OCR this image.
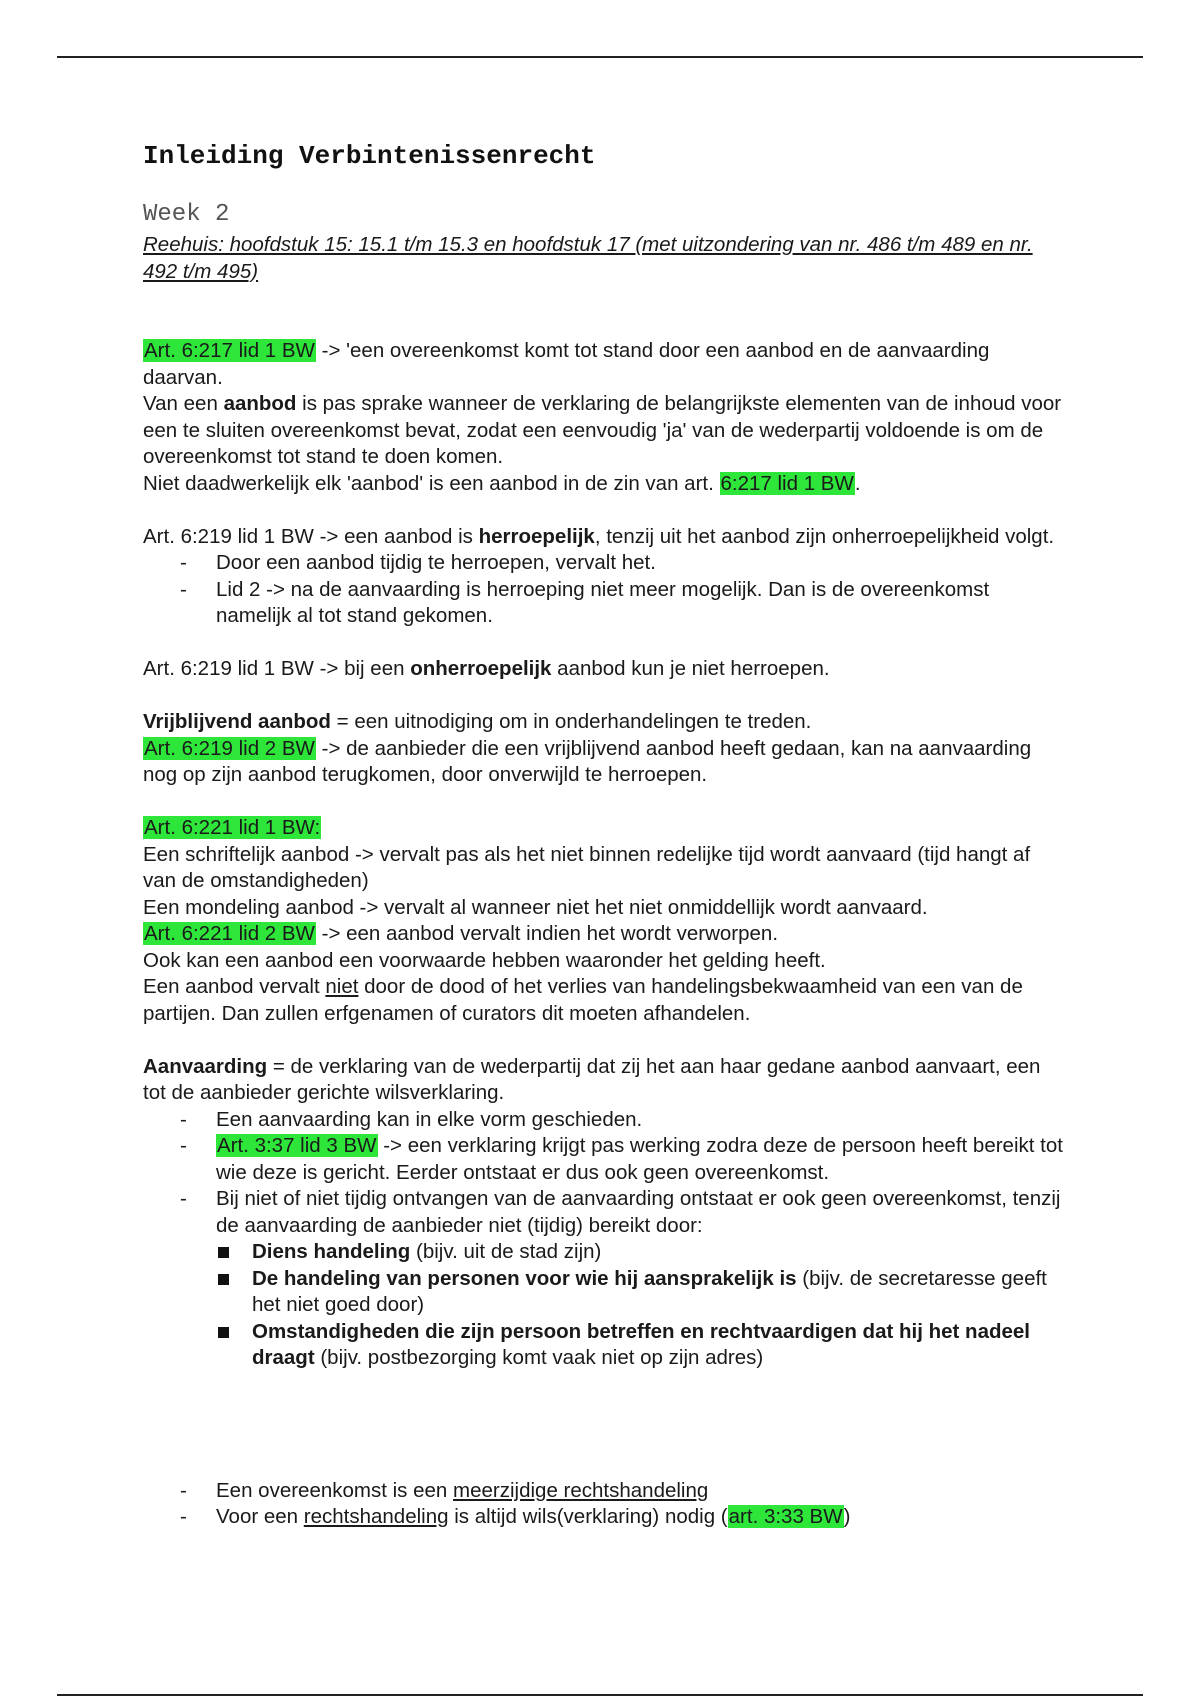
Inleiding Verbintenissenrecht

Week 2

Reehuis: hoofdstuk 15: 15.1 t/m 15.3 en hoofdstuk 17 (met uitzondering van nr. 486 t/m 489 en nr. 492 t/m 495)

Art. 6:217 lid 1 BW -> 'een overeenkomst komt tot stand door een aanbod en de aanvaarding daarvan.

Van een aanbod is pas sprake wanneer de verklaring de belangrijkste elementen van de inhoud voor een te sluiten overeenkomst bevat, zodat een eenvoudig 'ja' van de wederpartij voldoende is om de overeenkomst tot stand te doen komen.

Niet daadwerkelijk elk 'aanbod' is een aanbod in de zin van art. 6:217 lid 1 BW.

Art. 6:219 lid 1 BW -> een aanbod is herroepelijk, tenzij uit het aanbod zijn onherroepelijkheid volgt.

- Door een aanbod tijdig te herroepen, vervalt het.
- Lid 2 -> na de aanvaarding is herroeping niet meer mogelijk. Dan is de overeenkomst namelijk al tot stand gekomen.

Art. 6:219 lid 1 BW -> bij een onherroepelijk aanbod kun je niet herroepen.

Vrijblijvend aanbod = een uitnodiging om in onderhandelingen te treden.

Art. 6:219 lid 2 BW -> de aanbieder die een vrijblijvend aanbod heeft gedaan, kan na aanvaarding nog op zijn aanbod terugkomen, door onverwijld te herroepen.

Art. 6:221 lid 1 BW:

Een schriftelijk aanbod -> vervalt pas als het niet binnen redelijke tijd wordt aanvaard (tijd hangt af van de omstandigheden)

Een mondeling aanbod -> vervalt al wanneer niet het niet onmiddellijk wordt aanvaard.

Art. 6:221 lid 2 BW -> een aanbod vervalt indien het wordt verworpen.

Ook kan een aanbod een voorwaarde hebben waaronder het gelding heeft.

Een aanbod vervalt niet door de dood of het verlies van handelingsbekwaamheid van een van de partijen. Dan zullen erfgenamen of curators dit moeten afhandelen.

Aanvaarding = de verklaring van de wederpartij dat zij het aan haar gedane aanbod aanvaart, een tot de aanbieder gerichte wilsverklaring.

- Een aanvaarding kan in elke vorm geschieden.
- Art. 3:37 lid 3 BW -> een verklaring krijgt pas werking zodra deze de persoon heeft bereikt tot wie deze is gericht. Eerder ontstaat er dus ook geen overeenkomst.
- Bij niet of niet tijdig ontvangen van de aanvaarding ontstaat er ook geen overeenkomst, tenzij de aanvaarding de aanbieder niet (tijdig) bereikt door:
Diens handeling (bijv. uit de stad zijn)
De handeling van personen voor wie hij aansprakelijk is (bijv. de secretaresse geeft het niet goed door)
Omstandigheden die zijn persoon betreffen en rechtvaardigen dat hij het nadeel draagt (bijv. postbezorging komt vaak niet op zijn adres)
- Een overeenkomst is een meerzijdige rechtshandeling
- Voor een rechtshandeling is altijd wils(verklaring) nodig (art. 3:33 BW)
